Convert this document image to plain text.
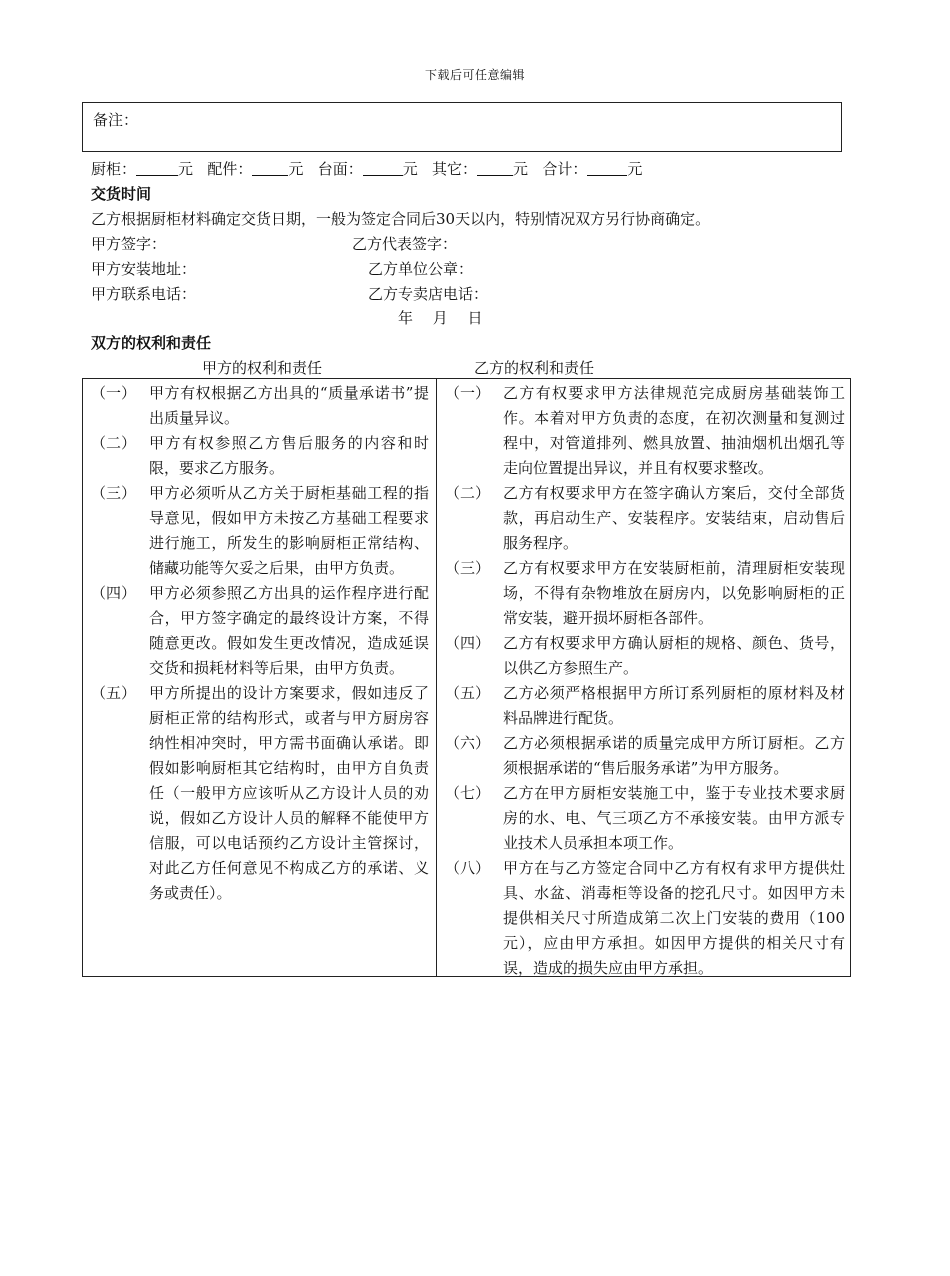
下载后可任意编辑
备注：
厨柜：	元 配件： 元 台面：	元 其它： 元 合计：	元
交货时间
乙方根据厨柜材料确定交货日期，一般为签定合同后30天以内，特别情况双方另行协商确定。
甲方签字：	乙方代表签字：
甲方安装地址：	乙方单位公章：
甲方联系电话：	乙方专卖店电话：
年　 月　 日
双方的权利和责任
甲方的权利和责任	乙方的权利和责任
（一） 甲方有权根据乙方出具的“质量承诺书”提出质量异议。
（二） 甲方有权参照乙方售后服务的内容和时限，要求乙方服务。
（三） 甲方必须听从乙方关于厨柜基础工程的指导意见，假如甲方未按乙方基础工程要求进行施工，所发生的影响厨柜正常结构、储藏功能等欠妥之后果，由甲方负责。
（四） 甲方必须参照乙方出具的运作程序进行配合，甲方签字确定的最终设计方案，不得随意更改。假如发生更改情况，造成延误交货和损耗材料等后果，由甲方负责。
（五） 甲方所提出的设计方案要求，假如违反了厨柜正常的结构形式，或者与甲方厨房容纳性相冲突时，甲方需书面确认承诺。即假如影响厨柜其它结构时，由甲方自负责任（一般甲方应该听从乙方设计人员的劝说，假如乙方设计人员的解释不能使甲方信服，可以电话预约乙方设计主管探讨，对此乙方任何意见不构成乙方的承诺、义务或责任）。
（一） 乙方有权要求甲方法律规范完成厨房基础装饰工作。本着对甲方负责的态度，在初次测量和复测过程中，对管道排列、燃具放置、抽油烟机出烟孔等走向位置提出异议，并且有权要求整改。
（二） 乙方有权要求甲方在签字确认方案后，交付全部货款，再启动生产、安装程序。安装结束，启动售后服务程序。
（三） 乙方有权要求甲方在安装厨柜前，清理厨柜安装现场，不得有杂物堆放在厨房内，以免影响厨柜的正常安装，避开损坏厨柜各部件。
（四） 乙方有权要求甲方确认厨柜的规格、颜色、货号，以供乙方参照生产。
（五） 乙方必须严格根据甲方所订系列厨柜的原材料及材料品牌进行配货。
（六） 乙方必须根据承诺的质量完成甲方所订厨柜。乙方须根据承诺的“售后服务承诺”为甲方服务。
（七） 乙方在甲方厨柜安装施工中，鉴于专业技术要求厨房的水、电、气三项乙方不承接安装。由甲方派专业技术人员承担本项工作。
（八） 甲方在与乙方签定合同中乙方有权有求甲方提供灶具、水盆、消毒柜等设备的挖孔尺寸。如因甲方未提供相关尺寸所造成第二次上门安装的费用（100元），应由甲方承担。如因甲方提供的相关尺寸有误，造成的损失应由甲方承担。
